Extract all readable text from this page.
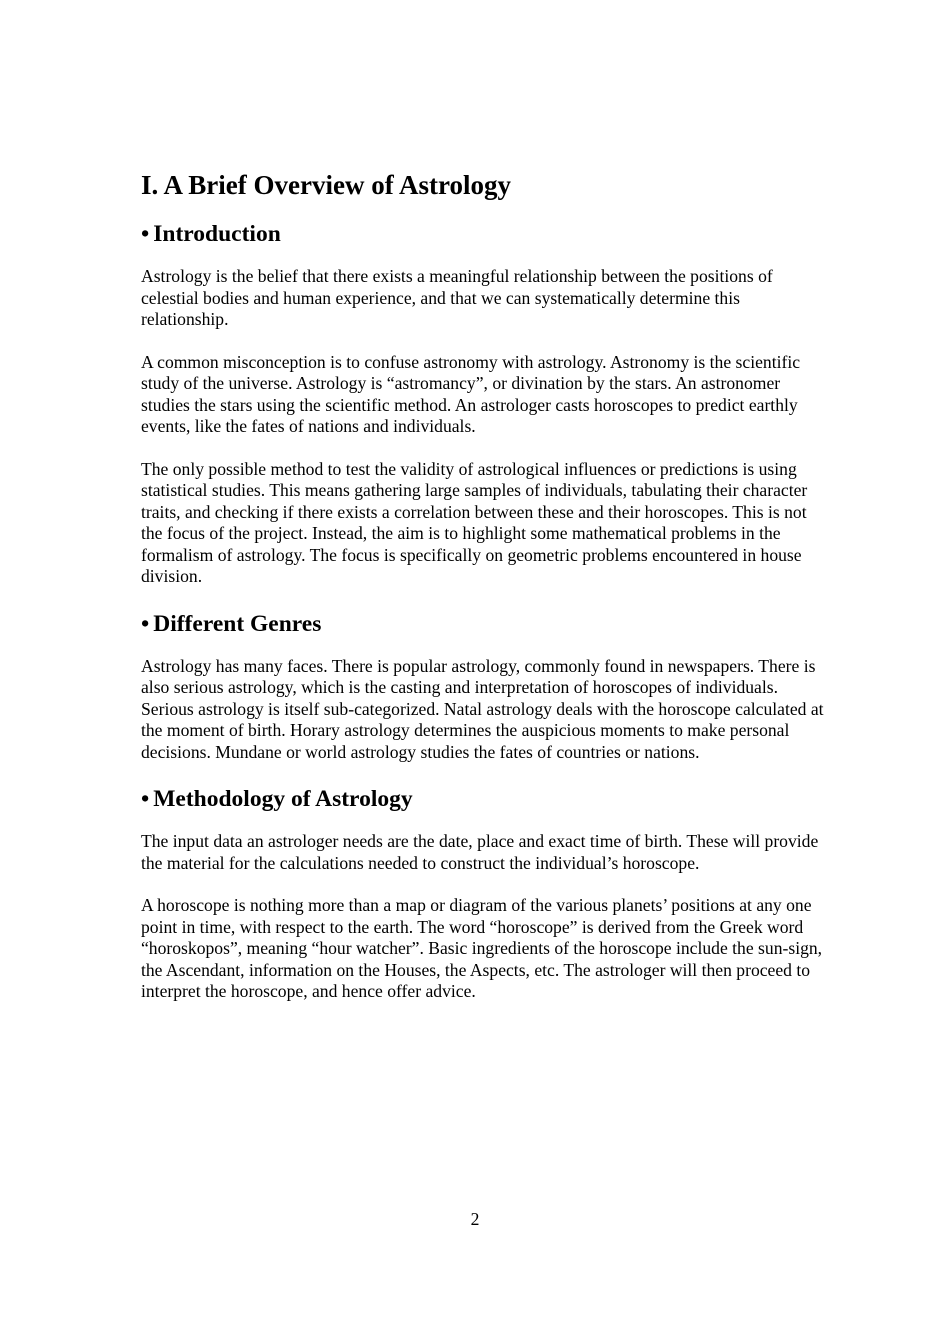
I. A Brief Overview of Astrology
• Introduction

Astrology is the belief that there exists a meaningful relationship between the positions of celestial bodies and human experience, and that we can systematically determine this relationship.

A common misconception is to confuse astronomy with astrology. Astronomy is the scientific study of the universe. Astrology is “astromancy”, or divination by the stars. An astronomer studies the stars using the scientific method. An astrologer casts horoscopes to predict earthly events, like the fates of nations and individuals.

The only possible method to test the validity of astrological influences or predictions is using statistical studies. This means gathering large samples of individuals, tabulating their character traits, and checking if there exists a correlation between these and their horoscopes. This is not the focus of the project. Instead, the aim is to highlight some mathematical problems in the formalism of astrology. The focus is specifically on geometric problems encountered in house division.

• Different Genres

Astrology has many faces. There is popular astrology, commonly found in newspapers. There is also serious astrology, which is the casting and interpretation of horoscopes of individuals. Serious astrology is itself sub-categorized. Natal astrology deals with the horoscope calculated at the moment of birth. Horary astrology determines the auspicious moments to make personal decisions. Mundane or world astrology studies the fates of countries or nations.

• Methodology of Astrology

The input data an astrologer needs are the date, place and exact time of birth. These will provide the material for the calculations needed to construct the individual’s horoscope.

A horoscope is nothing more than a map or diagram of the various planets’ positions at any one point in time, with respect to the earth. The word “horoscope” is derived from the Greek word “horoskopos”, meaning “hour watcher”. Basic ingredients of the horoscope include the sun-sign, the Ascendant, information on the Houses, the Aspects, etc. The astrologer will then proceed to interpret the horoscope, and hence offer advice.

2
